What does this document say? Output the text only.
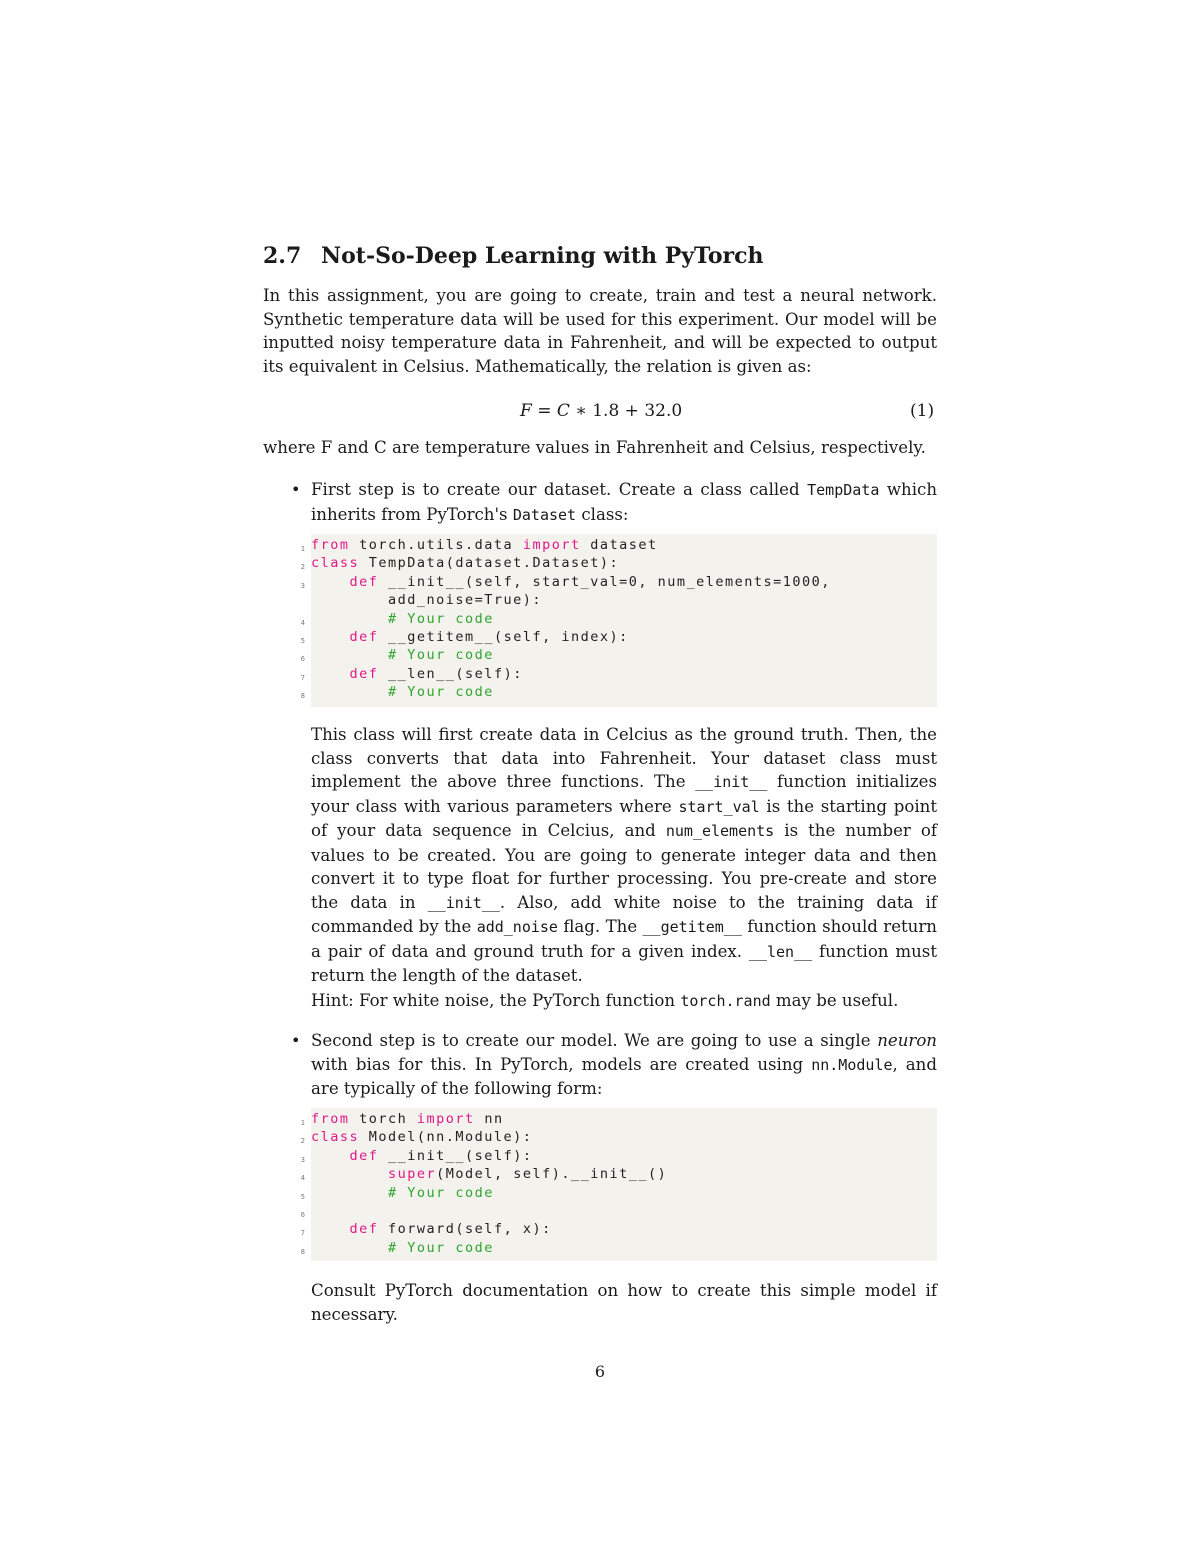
2.7 Not-So-Deep Learning with PyTorch

In this assignment, you are going to create, train and test a neural network. Synthetic temperature data will be used for this experiment. Our model will be inputted noisy temperature data in Fahrenheit, and will be expected to output its equivalent in Celsius. Mathematically, the relation is given as:

F = C ∗ 1.8 + 32.0	(1)

where F and C are temperature values in Fahrenheit and Celsius, respectively.

• First step is to create our dataset. Create a class called TempData which inherits from PyTorch's Dataset class:

1 from torch.utils.data import dataset
2 class TempData(dataset.Dataset):
3	def __init__(self, start_val=0, num_elements=1000,
add_noise=True):
4	# Your code
5	def __getitem__(self, index):
6	# Your code
7	def __len__(self):
8	# Your code

This class will first create data in Celcius as the ground truth. Then, the class converts that data into Fahrenheit. Your dataset class must implement the above three functions. The __init__ function initializes your class with various parameters where start_val is the starting point of your data sequence in Celcius, and num_elements is the number of values to be created. You are going to generate integer data and then convert it to type float for further processing. You pre-create and store the data in __init__. Also, add white noise to the training data if commanded by the add_noise flag. The __getitem__ function should return a pair of data and ground truth for a given index. __len__ function must return the length of the dataset.

Hint: For white noise, the PyTorch function torch.rand may be useful.

• Second step is to create our model. We are going to use a single neuron with bias for this. In PyTorch, models are created using nn.Module, and are typically of the following form:

1 from torch import nn
2 class Model(nn.Module):
3	def __init__(self):
4	super(Model, self).__init__()
5	# Your code
6
7	def forward(self, x):
8	# Your code

Consult PyTorch documentation on how to create this simple model if necessary.

6
